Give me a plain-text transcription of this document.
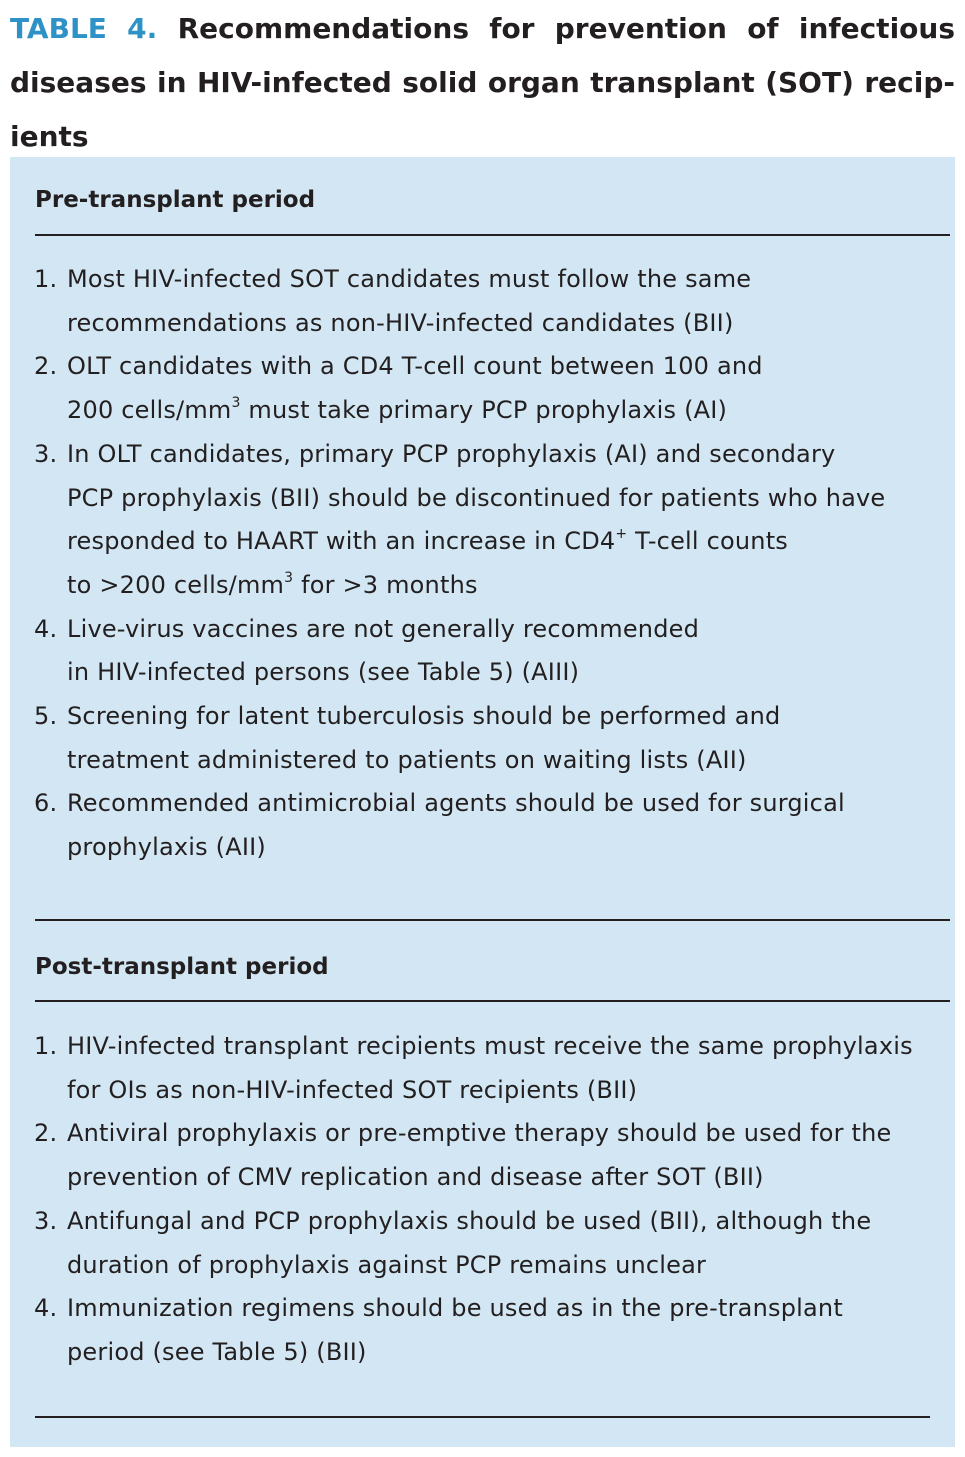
TABLE 4. Recommendations for prevention of infectious diseases in HIV-infected solid organ transplant (SOT) recip-ients
Pre-transplant period
1. Most HIV-infected SOT candidates must follow the same
recommendations as non-HIV-infected candidates (BII)
2. OLT candidates with a CD4 T-cell count between 100 and
200 cells/$mm^3$ must take primary PCP prophylaxis (AI)
3. In OLT candidates, primary PCP prophylaxis (AI) and secondary
PCP prophylaxis (BII) should be discontinued for patients who have
responded to HAART with an increase in CD4+ T-cell counts
to >200 cells/$mm^3$ for >3 months
4. Live-virus vaccines are not generally recommended
in HIV-infected persons (see Table 5) (AIII)
5. Screening for latent tuberculosis should be performed and
treatment administered to patients on waiting lists (AII)
6. Recommended antimicrobial agents should be used for surgical
prophylaxis (AII)
Post-transplant period
1. HIV-infected transplant recipients must receive the same prophylaxis
for OIs as non-HIV-infected SOT recipients (BII)
2. Antiviral prophylaxis or pre-emptive therapy should be used for the
prevention of CMV replication and disease after SOT (BII)
3. Antifungal and PCP prophylaxis should be used (BII), although the
duration of prophylaxis against PCP remains unclear
4. Immunization regimens should be used as in the pre-transplant
period (see Table 5) (BII)
